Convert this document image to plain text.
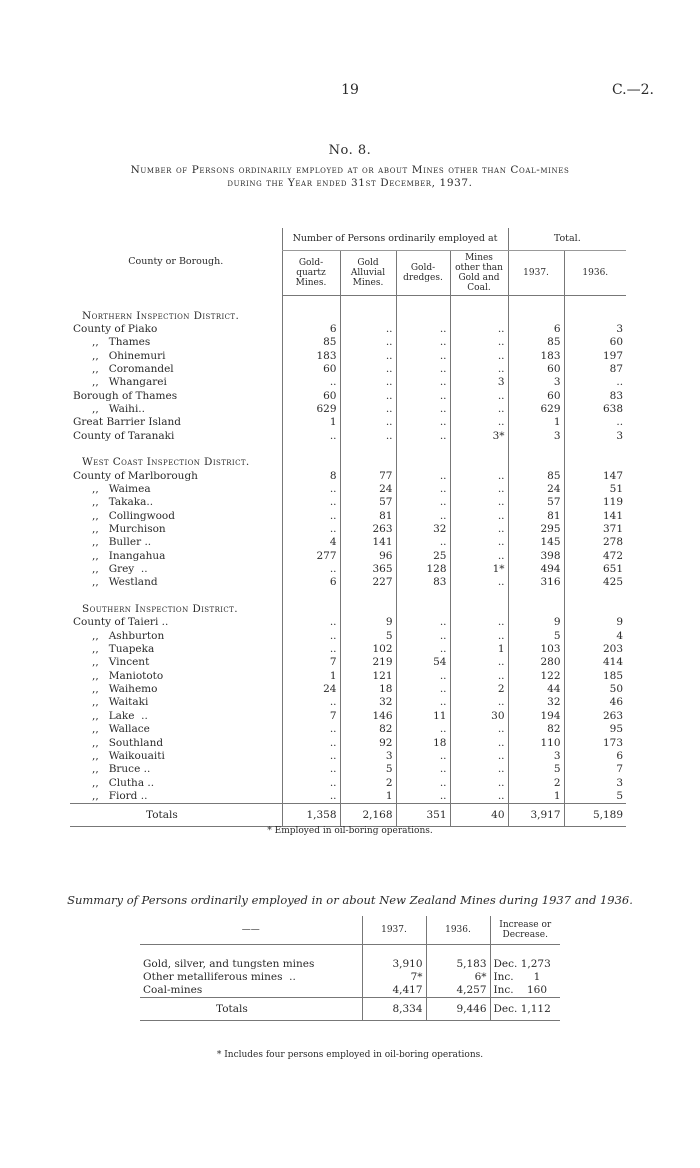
19	C.—2.
No. 8.
Number of Persons ordinarily employed at or about Mines other than Coal-mines
during the Year ended 31st December, 1937.
County or Borough.	Number of Persons ordinarily employed at				Total.	
	Gold-quartz Mines.	Gold Alluvial Mines.	Gold-dredges.	Mines other than Gold and Coal.	1937.	1936.

Northern Inspection District.						
County of Piako	6	..	..	..	6	3
,,   Thames	85	..	..	..	85	60
,,   Ohinemuri	183	..	..	..	183	197
,,   Coromandel	60	..	..	..	60	87
,,   Whangarei	..	..	..	3	3	..
Borough of Thames	60	..	..	..	60	83
,,   Waihi..	629	..	..	..	629	638
Great Barrier Island	1	..	..	..	1	..
County of Taranaki	..	..	..	3*	3	3

West Coast Inspection District.						
County of Marlborough	8	77	..	..	85	147
,,   Waimea	..	24	..	..	24	51
,,   Takaka..	..	57	..	..	57	119
,,   Collingwood	..	81	..	..	81	141
,,   Murchison	..	263	32	..	295	371
,,   Buller ..	4	141	..	..	145	278
,,   Inangahua	277	96	25	..	398	472
,,   Grey  ..	..	365	128	1*	494	651
,,   Westland	6	227	83	..	316	425

Southern Inspection District.						
County of Taieri ..	..	9	..	..	9	9
,,   Ashburton	..	5	..	..	5	4
,,   Tuapeka	..	102	..	1	103	203
,,   Vincent	7	219	54	..	280	414
,,   Maniototo	1	121	..	..	122	185
,,   Waihemo	24	18	..	2	44	50
,,   Waitaki	..	32	..	..	32	46
,,   Lake  ..	7	146	11	30	194	263
,,   Wallace	..	82	..	..	82	95
,,   Southland	..	92	18	..	110	173
,,   Waikouaiti	..	3	..	..	3	6
,,   Bruce ..	..	5	..	..	5	7
,,   Clutha ..	..	2	..	..	2	3
,,   Fiord ..	..	1	..	..	1	5
Totals	1,358	2,168	351	40	3,917	5,189
* Employed in oil-boring operations.
Summary of Persons ordinarily employed in or about New Zealand Mines during 1937 and 1936.
——	1937.	1936.	Increase or Decrease.

Gold, silver, and tungsten mines	3,910	5,183	Dec. 1,273
Other metalliferous mines  ..	7*	6*	Inc.      1
Coal-mines	4,417	4,257	Inc.    160
Totals	8,334	9,446	Dec. 1,112
* Includes four persons employed in oil-boring operations.
